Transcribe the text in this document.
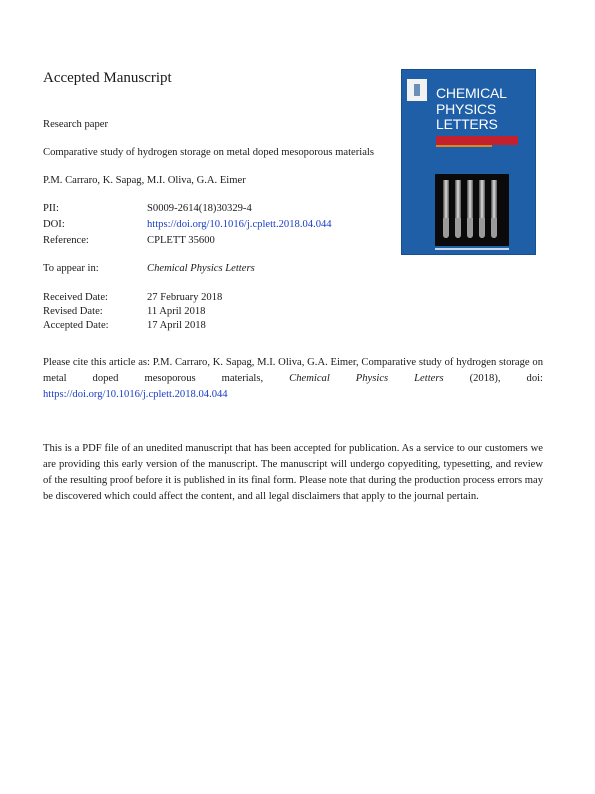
Accepted Manuscript
Research paper
Comparative study of hydrogen storage on metal doped mesoporous materials
P.M. Carraro, K. Sapag, M.I. Oliva, G.A. Eimer
PII:	S0009-2614(18)30329-4
DOI:	https://doi.org/10.1016/j.cplett.2018.04.044
Reference:	CPLETT 35600
To appear in:	Chemical Physics Letters
Received Date:	27 February 2018
Revised Date:	11 April 2018
Accepted Date:	17 April 2018
Please cite this article as: P.M. Carraro, K. Sapag, M.I. Oliva, G.A. Eimer, Comparative study of hydrogen storage on metal doped mesoporous materials, Chemical Physics Letters (2018), doi: https://doi.org/10.1016/j.cplett.2018.04.044
This is a PDF file of an unedited manuscript that has been accepted for publication. As a service to our customers we are providing this early version of the manuscript. The manuscript will undergo copyediting, typesetting, and review of the resulting proof before it is published in its final form. Please note that during the production process errors may be discovered which could affect the content, and all legal disclaimers that apply to the journal pertain.
CHEMICAL PHYSICS LETTERS
